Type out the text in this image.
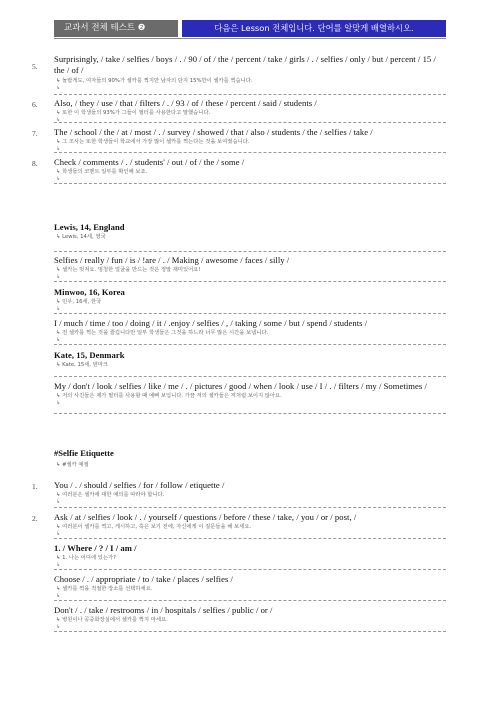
교과서 전체 테스트 ❷	다음은 Lesson 전체입니다. 단어를 알맞게 배열하시오.
5.
Surprisingly, / take / selfies / boys / . / 90 / of / the / percent / take / girls / . / selfies / only / but / percent / 15 / the / of /
↳ 놀랍게도, 여자들의 90%가 셀카를 찍지만 남자의 단지 15%만이 셀카를 찍습니다.
↳
6. Also, / they / use / that / filters / . / 93 / of / these / percent / said / students /
↳ 또한 이 학생들의 93%가 그들이 필터를 사용한다고 말했습니다.
↳
7. The / school / the / at / most / . / survey / showed / that / also / students / the / selfies / take /
↳ 그 조사는 또한 학생들이 학교에서 가장 많이 셀카를 찍는다는 것을 보여줬습니다.
↳
8. Check / comments / . / students' / out / of / the / some /
↳ 학생들의 코멘트 일부를 확인해 보죠.
↳
Lewis, 14, England
↳ Lewis, 14세, 영국
Selfies / really / fun / is / !are / . / Making / awesome / faces / silly /
↳ 셀카는 멋져요. 멍청한 얼굴을 만드는 것은 정말 재미있어요!
↳
Minwoo, 16, Korea
↳ 민우, 16세, 한국
↳
I / much / time / too / doing / it / .enjoy / selfies / , / taking / some / but / spend / students /
↳ 전 셀카를 찍는 것을 즐깁니다만 일부 학생들은 그것을 하느라 너무 많은 시간을 보냅니다.
↳
Kate, 15, Denmark
↳ Kate, 15세, 덴마크
My / don't / look / selfies / like / me / . / pictures / good / when / look / use / I / . / filters / my / Sometimes /
↳ 저의 사진들은 제가 필터를 사용할 때 예뻐 보입니다. 가끔 저의 셀카들은 저처럼 보이지 않아요.
↳
#Selfie Etiquette
↳ #셀카 예절
1. You / . / should / selfies / for / follow / etiquette /
↳ 여러분은 셀카에 대한 예의를 따라야 합니다.
↳
2. Ask / at / selfies / look / . / yourself / questions / before / these / take, / you / or / post, /
↳ 여러분이 셀카를 찍고, 게시하고, 혹은 보기 전에, 자신에게 이 질문들을 해 보세요.
↳
1. / Where / ? / I / am /
↳ 1. 나는 어디에 있는가?
↳
Choose / . / appropriate / to / take / places / selfies /
↳ 셀카를 찍을 적절한 장소를 선택하세요.
↳
Don't / . / take / restrooms / in / hospitals / selfies / public / or /
↳ 병원이나 공중화장실에서 셀카를 찍지 마세요.
↳
